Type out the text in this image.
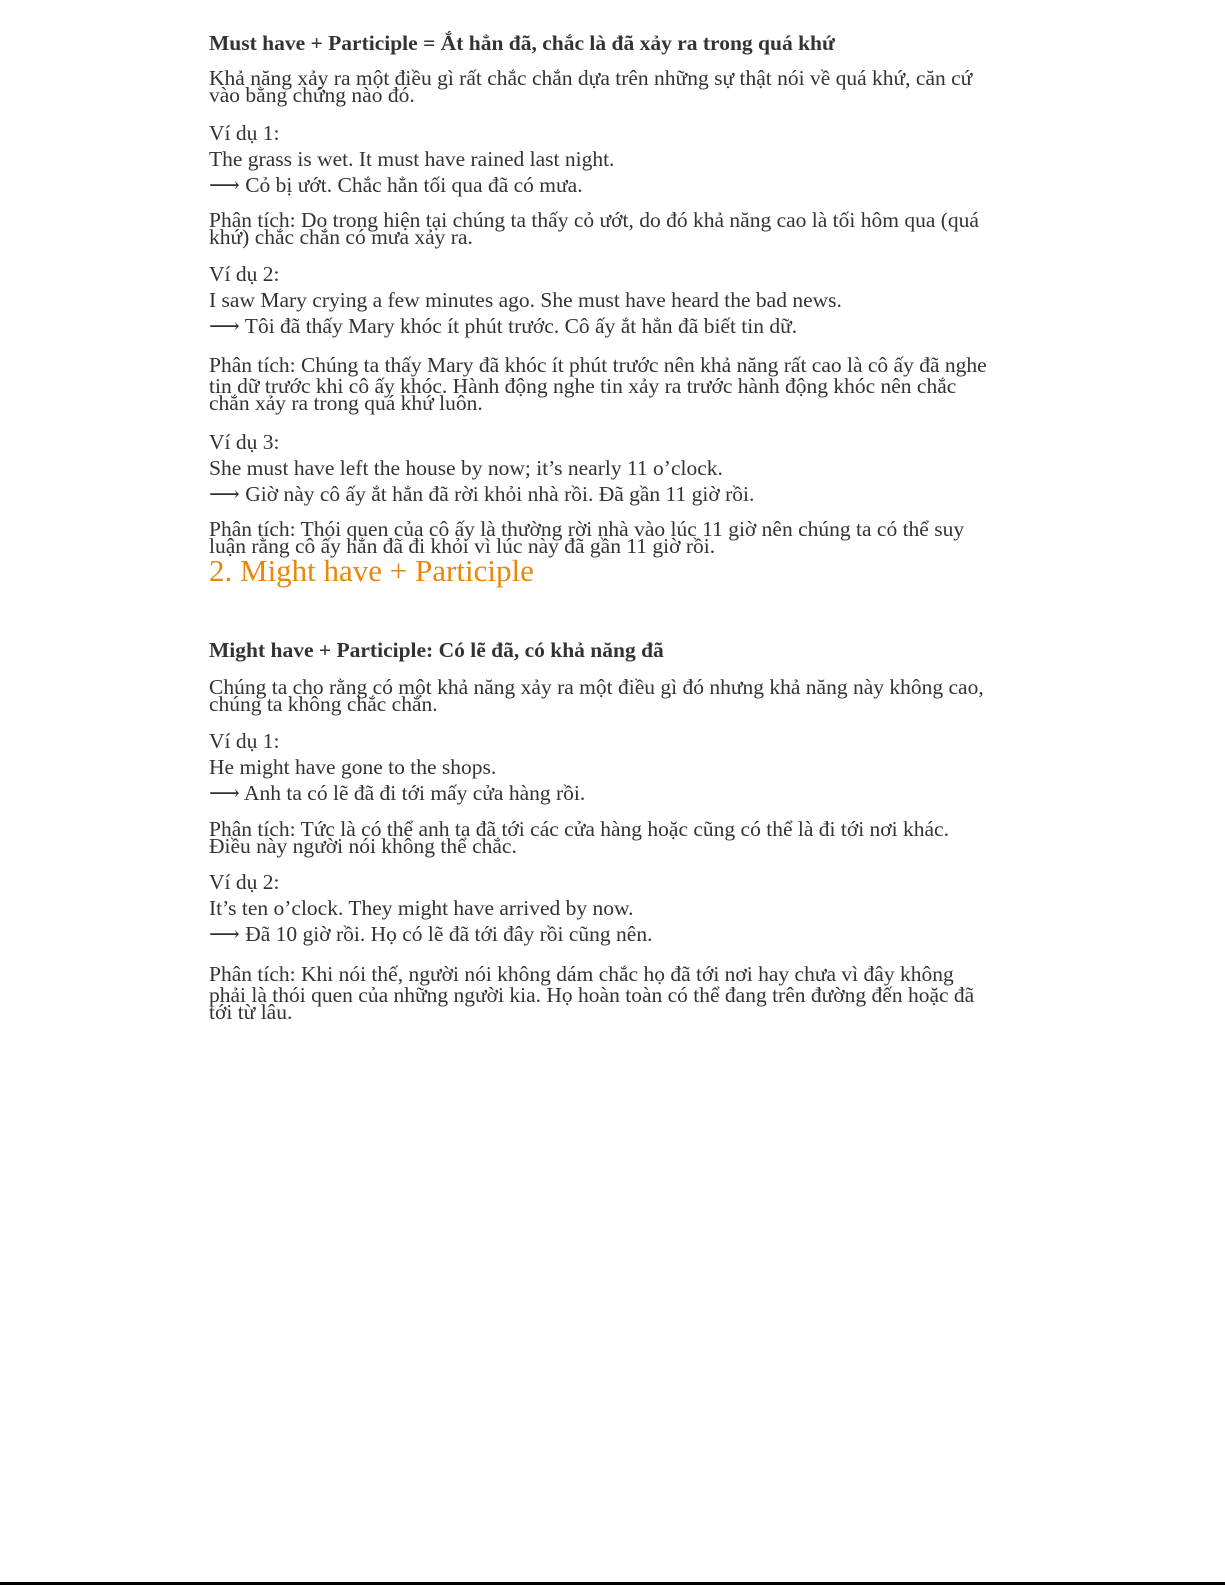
Must have + Participle = Ắt hẳn đã, chắc là đã xảy ra trong quá khứ
Khả năng xảy ra một điều gì rất chắc chắn dựa trên những sự thật nói về quá khứ, căn cứ
vào bằng chứng nào đó.
Ví dụ 1:
The grass is wet. It must have rained last night.
⟶ Cỏ bị ướt. Chắc hẳn tối qua đã có mưa.
Phân tích: Do trong hiện tại chúng ta thấy cỏ ướt, do đó khả năng cao là tối hôm qua (quá
khứ) chắc chắn có mưa xảy ra.
Ví dụ 2:
I saw Mary crying a few minutes ago. She must have heard the bad news.
⟶ Tôi đã thấy Mary khóc ít phút trước. Cô ấy ắt hẳn đã biết tin dữ.
Phân tích: Chúng ta thấy Mary đã khóc ít phút trước nên khả năng rất cao là cô ấy đã nghe
tin dữ trước khi cô ấy khóc. Hành động nghe tin xảy ra trước hành động khóc nên chắc
chắn xảy ra trong quá khứ luôn.
Ví dụ 3:
She must have left the house by now; it’s nearly 11 o’clock.
⟶ Giờ này cô ấy ắt hẳn đã rời khỏi nhà rồi. Đã gần 11 giờ rồi.
Phân tích: Thói quen của cô ấy là thường rời nhà vào lúc 11 giờ nên chúng ta có thể suy
luận rằng cô ấy hẳn đã đi khỏi vì lúc này đã gần 11 giờ rồi.
2. Might have + Participle
Might have + Participle: Có lẽ đã, có khả năng đã
Chúng ta cho rằng có một khả năng xảy ra một điều gì đó nhưng khả năng này không cao,
chúng ta không chắc chắn.
Ví dụ 1:
He might have gone to the shops.
⟶ Anh ta có lẽ đã đi tới mấy cửa hàng rồi.
Phân tích: Tức là có thể anh ta đã tới các cửa hàng hoặc cũng có thể là đi tới nơi khác.
Điều này người nói không thể chắc.
Ví dụ 2:
It’s ten o’clock. They might have arrived by now.
⟶ Đã 10 giờ rồi. Họ có lẽ đã tới đây rồi cũng nên.
Phân tích: Khi nói thế, người nói không dám chắc họ đã tới nơi hay chưa vì đây không
phải là thói quen của những người kia. Họ hoàn toàn có thể đang trên đường đến hoặc đã
tới từ lâu.
